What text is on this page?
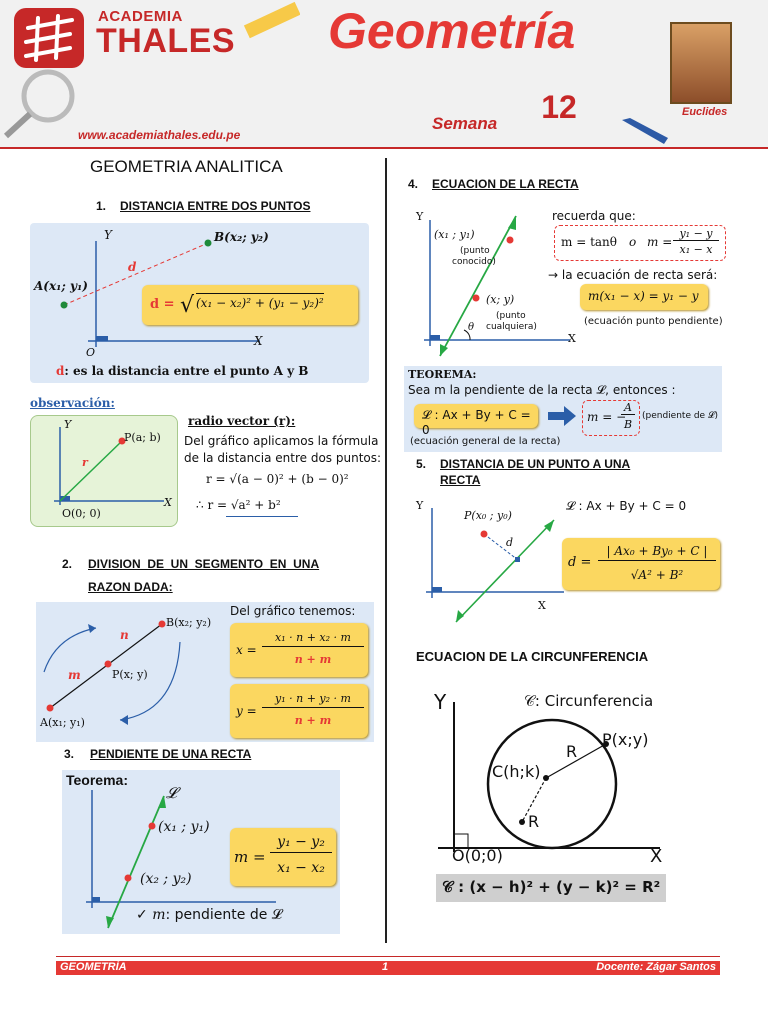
ACADEMIA
THALES Geometría
www.academiathales.edu.pe
Semana 12	Euclides
GEOMETRIA ANALITICA
1. DISTANCIA ENTRE DOS PUNTOS
Y
X
O
A(x₁; y₁)
B(x₂; y₂)
d
d = √ (x₁ − x₂)² + (y₁ − y₂)²
d: es la distancia entre el punto A y B
observación:
Y
X
P(a; b)
r
O(0; 0)
radio vector (r):
Del gráfico aplicamos la fórmula
de la distancia entre dos puntos:
r = √(a − 0)² + (b − 0)²
∴ r = √a² + b²
2. DIVISION  DE  UN  SEGMENTO  EN  UNA
RAZON DADA:
B(x₂; y₂)
P(x; y)
A(x₁; y₁)
n
m
Del gráfico tenemos:
x =
x₁ · n + x₂ · m
n + m
y =
y₁ · n + y₂ · m
n + m
3. PENDIENTE DE UNA RECTA
Teorema:
𝓛
(x₁ ; y₁)
(x₂ ; y₂)
m =
y₁ − y₂
x₁ − x₂
✓ m: pendiente de 𝓛
4. ECUACION DE LA RECTA
Y
X
(x₁ ; y₁)
(punto
conocido)
(x; y)
(punto
cualquiera)
θ
recuerda que:
m = tanθ o m =
y₁ − y
x₁ − x
→ la ecuación de recta será:
m(x₁ − x) = y₁ − y
(ecuación punto pendiente)
TEOREMA:
Sea m la pendiente de la recta 𝓛, entonces :
𝓛 : Ax + By + C = 0
m = −
A
B
(pendiente de 𝓛)
(ecuación general de la recta)
5. DISTANCIA DE UN PUNTO A UNA
RECTA
Y
X
P(x₀ ; y₀)
d
𝓛 : Ax + By + C = 0
d =
| Ax₀ + By₀ + C |
√A² + B²
ECUACION DE LA CIRCUNFERENCIA
Y
X
𝒞: Circunferencia
P(x;y)
C(h;k)
R
R
O(0;0)
𝒞 : (x − h)² + (y − k)² = R²
GEOMETRÍA	1	Docente: Zágar Santos
